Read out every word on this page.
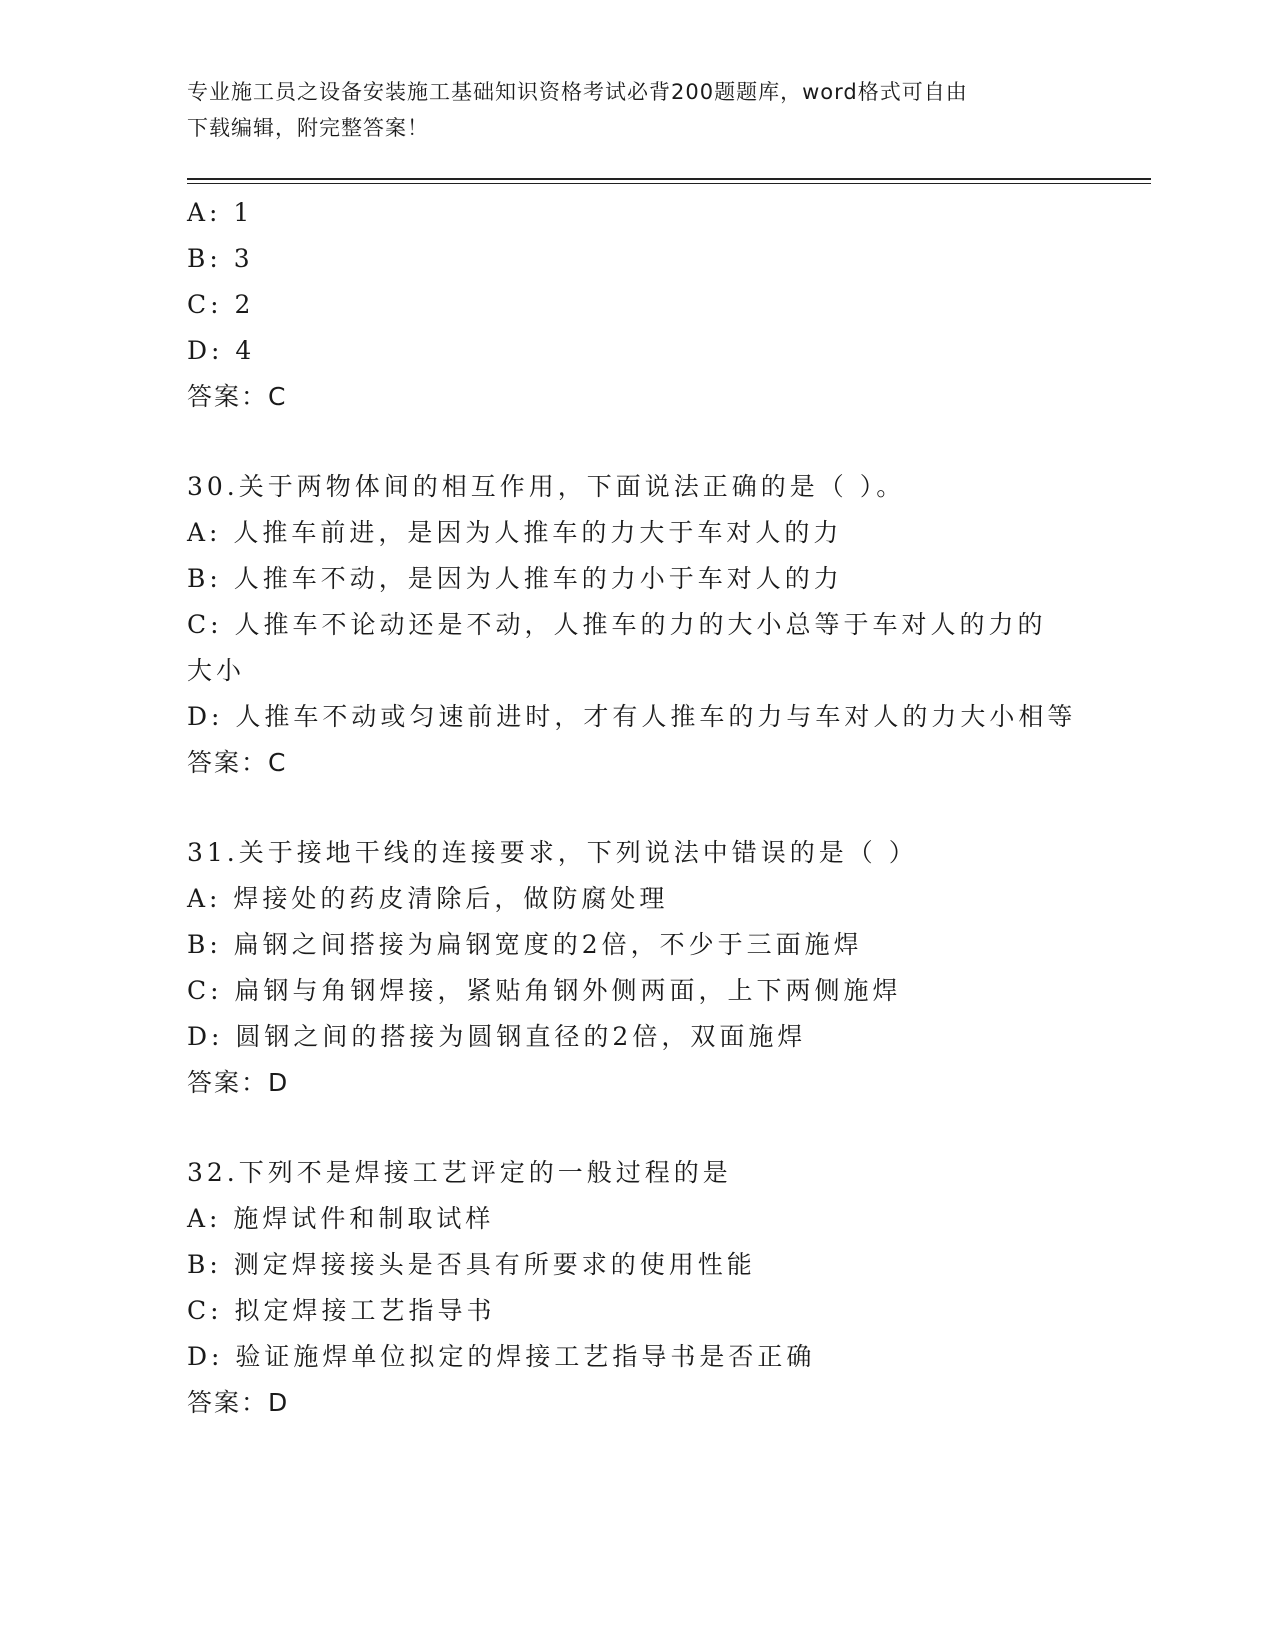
专业施工员之设备安装施工基础知识资格考试必背200题题库，word格式可自由
下载编辑，附完整答案！
A: 1
B: 3
C: 2
D: 4
答案：C
30.关于两物体间的相互作用，下面说法正确的是（ ）。
A: 人推车前进，是因为人推车的力大于车对人的力
B: 人推车不动，是因为人推车的力小于车对人的力
C: 人推车不论动还是不动，人推车的力的大小总等于车对人的力的大小
D: 人推车不动或匀速前进时，才有人推车的力与车对人的力大小相等
答案：C
31.关于接地干线的连接要求，下列说法中错误的是（ ）
A: 焊接处的药皮清除后，做防腐处理
B: 扁钢之间搭接为扁钢宽度的2倍，不少于三面施焊
C: 扁钢与角钢焊接，紧贴角钢外侧两面，上下两侧施焊
D: 圆钢之间的搭接为圆钢直径的2倍，双面施焊
答案：D
32.下列不是焊接工艺评定的一般过程的是
A: 施焊试件和制取试样
B: 测定焊接接头是否具有所要求的使用性能
C: 拟定焊接工艺指导书
D: 验证施焊单位拟定的焊接工艺指导书是否正确
答案：D
